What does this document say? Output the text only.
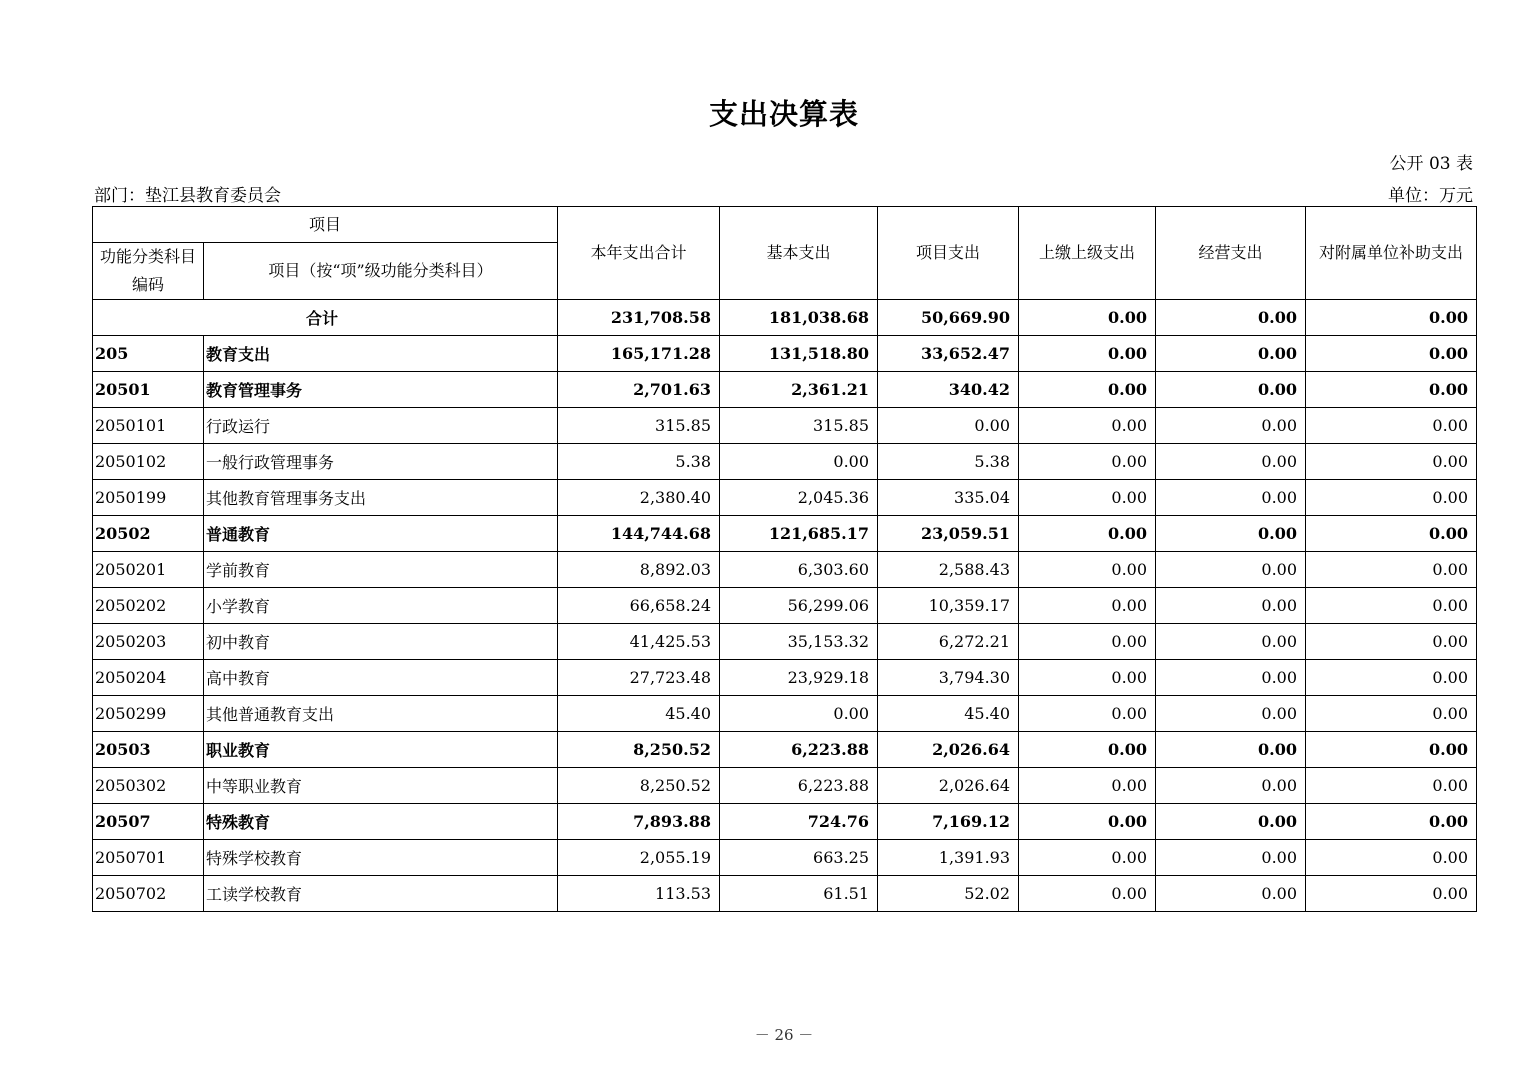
支出决算表
公开 03 表
部门：垫江县教育委员会	单位：万元
项目		本年支出合计	基本支出	项目支出	上缴上级支出	经营支出	对附属单位补助支出
功能分类科目编码	项目（按“项”级功能分类科目）						
合计		231,708.58	181,038.68	50,669.90	0.00	0.00	0.00
205	教育支出	165,171.28	131,518.80	33,652.47	0.00	0.00	0.00
20501	教育管理事务	2,701.63	2,361.21	340.42	0.00	0.00	0.00
2050101	行政运行	315.85	315.85	0.00	0.00	0.00	0.00
2050102	一般行政管理事务	5.38	0.00	5.38	0.00	0.00	0.00
2050199	其他教育管理事务支出	2,380.40	2,045.36	335.04	0.00	0.00	0.00
20502	普通教育	144,744.68	121,685.17	23,059.51	0.00	0.00	0.00
2050201	学前教育	8,892.03	6,303.60	2,588.43	0.00	0.00	0.00
2050202	小学教育	66,658.24	56,299.06	10,359.17	0.00	0.00	0.00
2050203	初中教育	41,425.53	35,153.32	6,272.21	0.00	0.00	0.00
2050204	高中教育	27,723.48	23,929.18	3,794.30	0.00	0.00	0.00
2050299	其他普通教育支出	45.40	0.00	45.40	0.00	0.00	0.00
20503	职业教育	8,250.52	6,223.88	2,026.64	0.00	0.00	0.00
2050302	中等职业教育	8,250.52	6,223.88	2,026.64	0.00	0.00	0.00
20507	特殊教育	7,893.88	724.76	7,169.12	0.00	0.00	0.00
2050701	特殊学校教育	2,055.19	663.25	1,391.93	0.00	0.00	0.00
2050702	工读学校教育	113.53	61.51	52.02	0.00	0.00	0.00
－ 26 －
